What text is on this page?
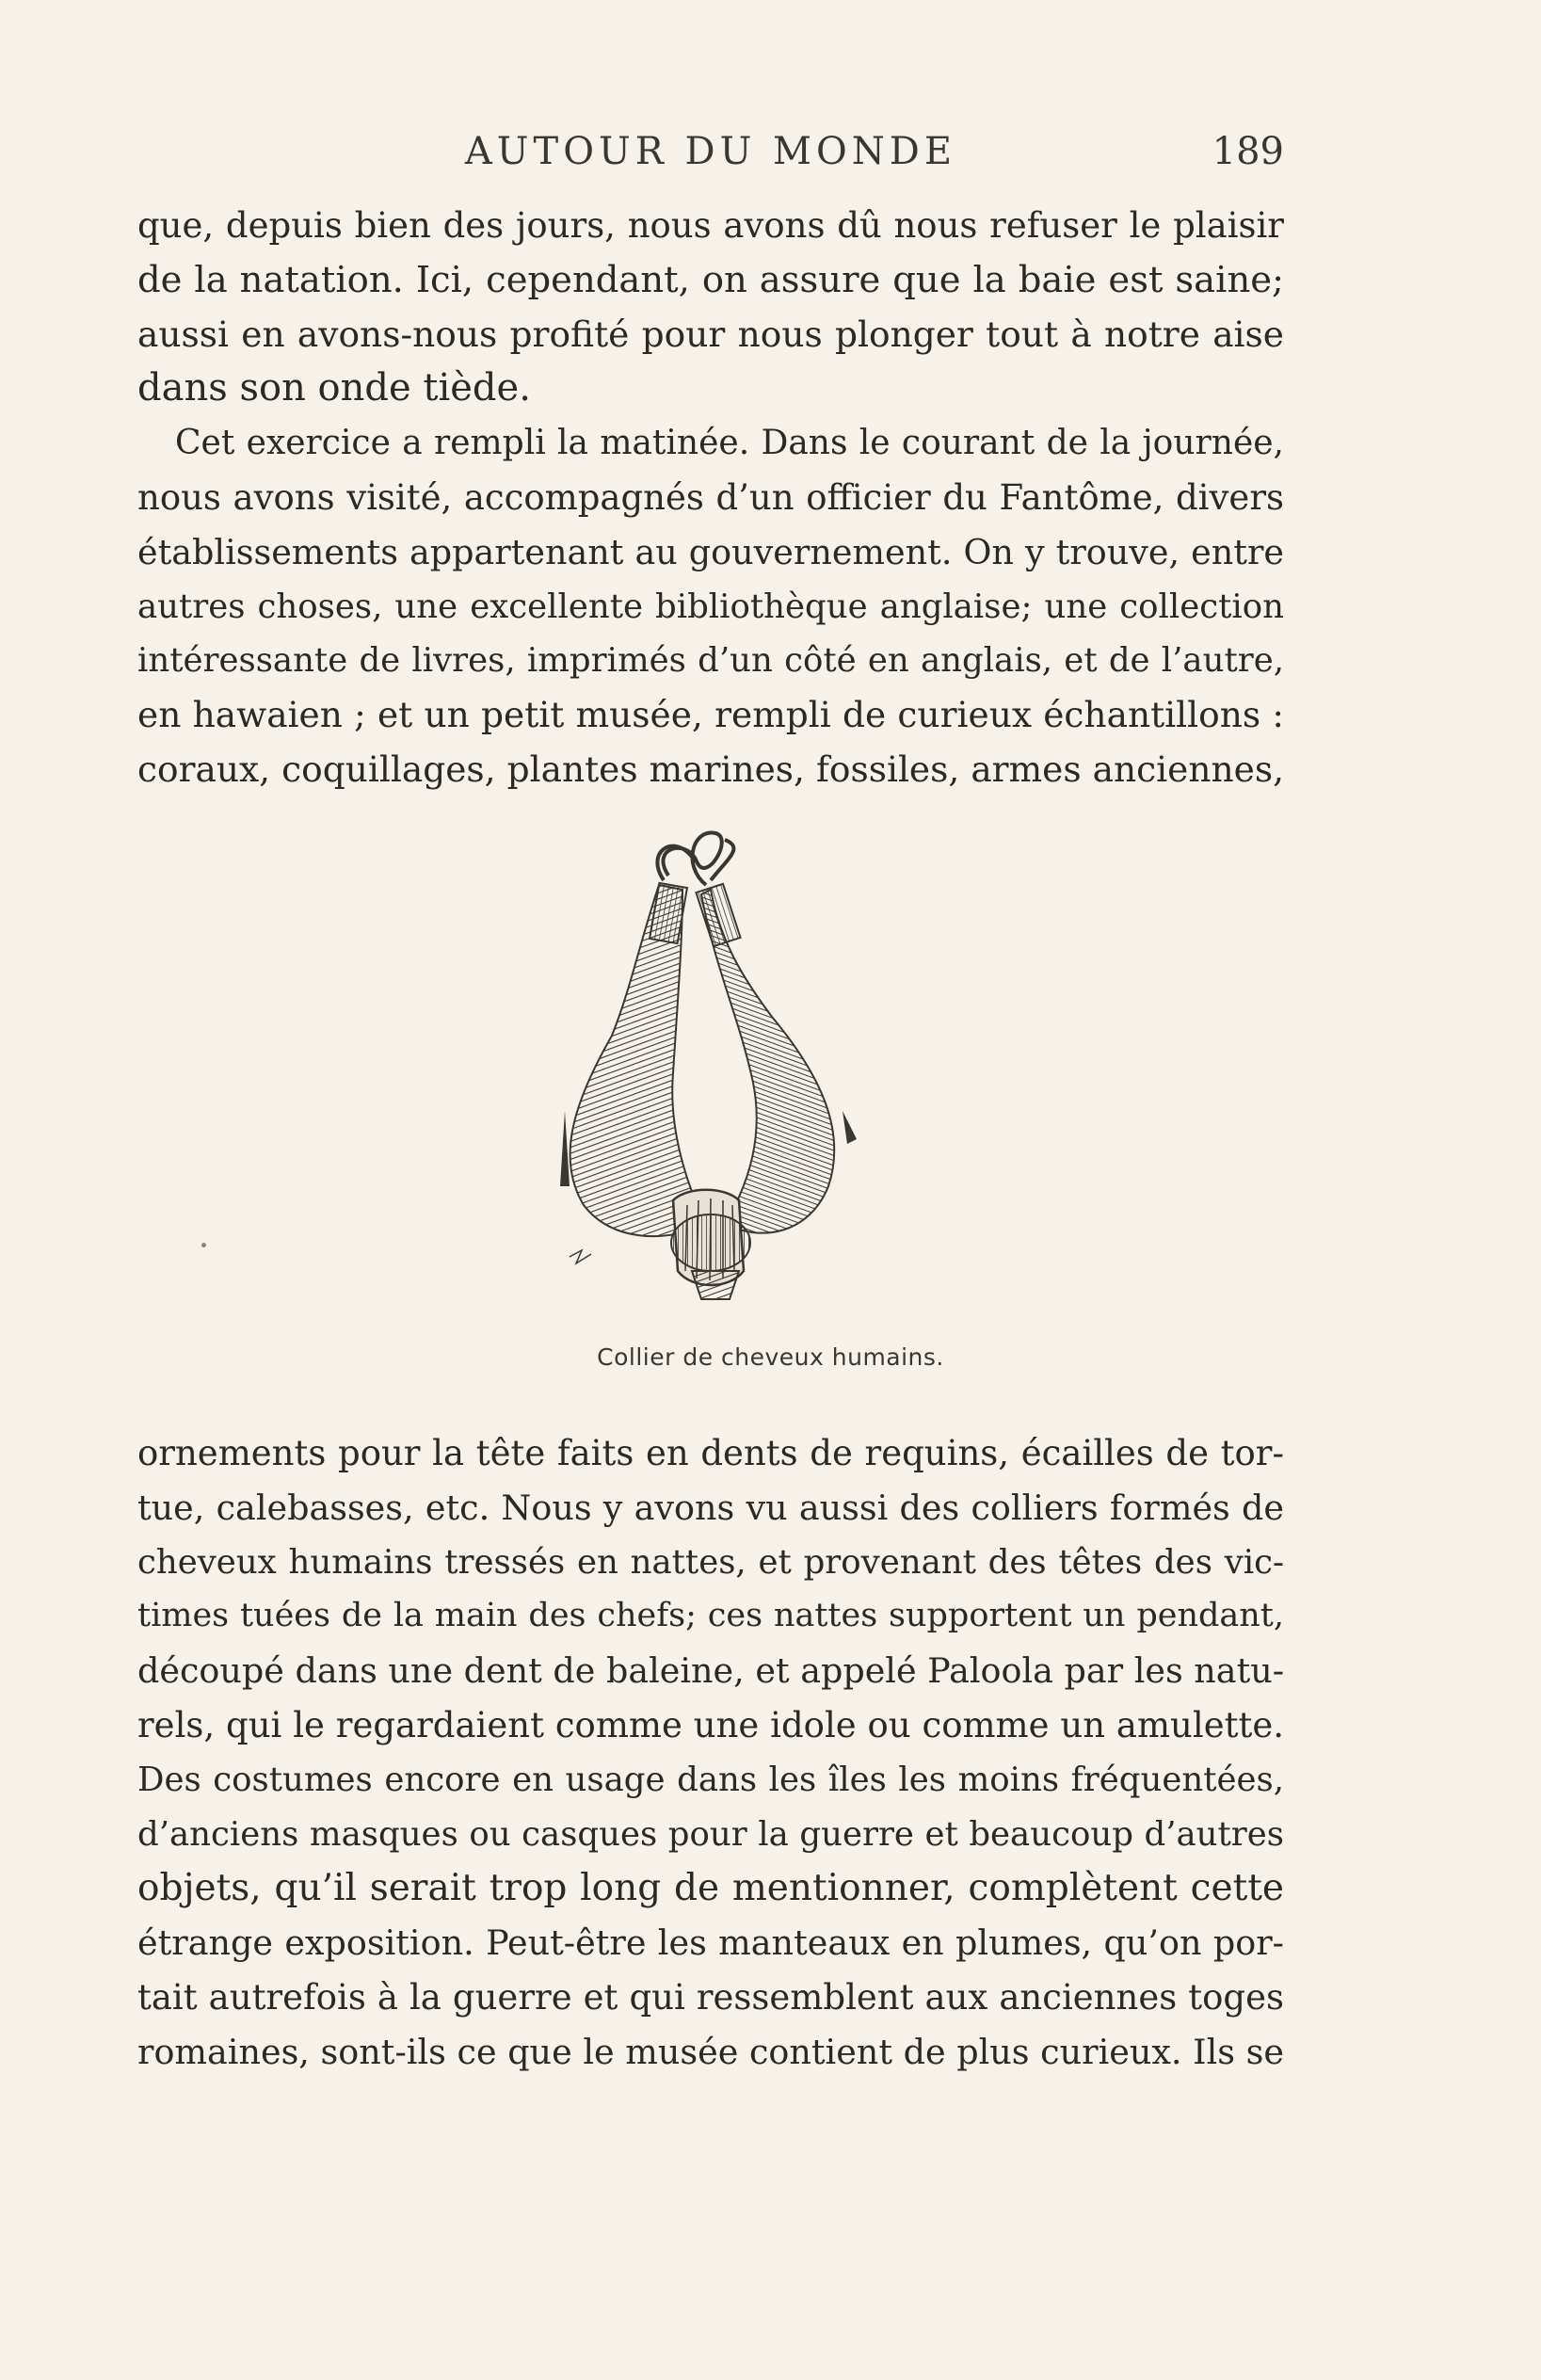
AUTOUR DU MONDE	189
que, depuis bien des jours, nous avons dû nous refuser le plaisir
de la natation. Ici, cependant, on assure que la baie est saine;
aussi en avons-nous profité pour nous plonger tout à notre aise
dans son onde tiède.
Cet exercice a rempli la matinée. Dans le courant de la journée,
nous avons visité, accompagnés d’un officier du Fantôme, divers
établissements appartenant au gouvernement. On y trouve, entre
autres choses, une excellente bibliothèque anglaise; une collection
intéressante de livres, imprimés d’un côté en anglais, et de l’autre,
en hawaien ; et un petit musée, rempli de curieux échantillons :
coraux, coquillages, plantes marines, fossiles, armes anciennes,
Collier de cheveux humains.
ornements pour la tête faits en dents de requins, écailles de tor-
tue, calebasses, etc. Nous y avons vu aussi des colliers formés de
cheveux humains tressés en nattes, et provenant des têtes des vic-
times tuées de la main des chefs; ces nattes supportent un pendant,
découpé dans une dent de baleine, et appelé Paloola par les natu-
rels, qui le regardaient comme une idole ou comme un amulette.
Des costumes encore en usage dans les îles les moins fréquentées,
d’anciens masques ou casques pour la guerre et beaucoup d’autres
objets, qu’il serait trop long de mentionner, complètent cette
étrange exposition. Peut-être les manteaux en plumes, qu’on por-
tait autrefois à la guerre et qui ressemblent aux anciennes toges
romaines, sont-ils ce que le musée contient de plus curieux. Ils se
